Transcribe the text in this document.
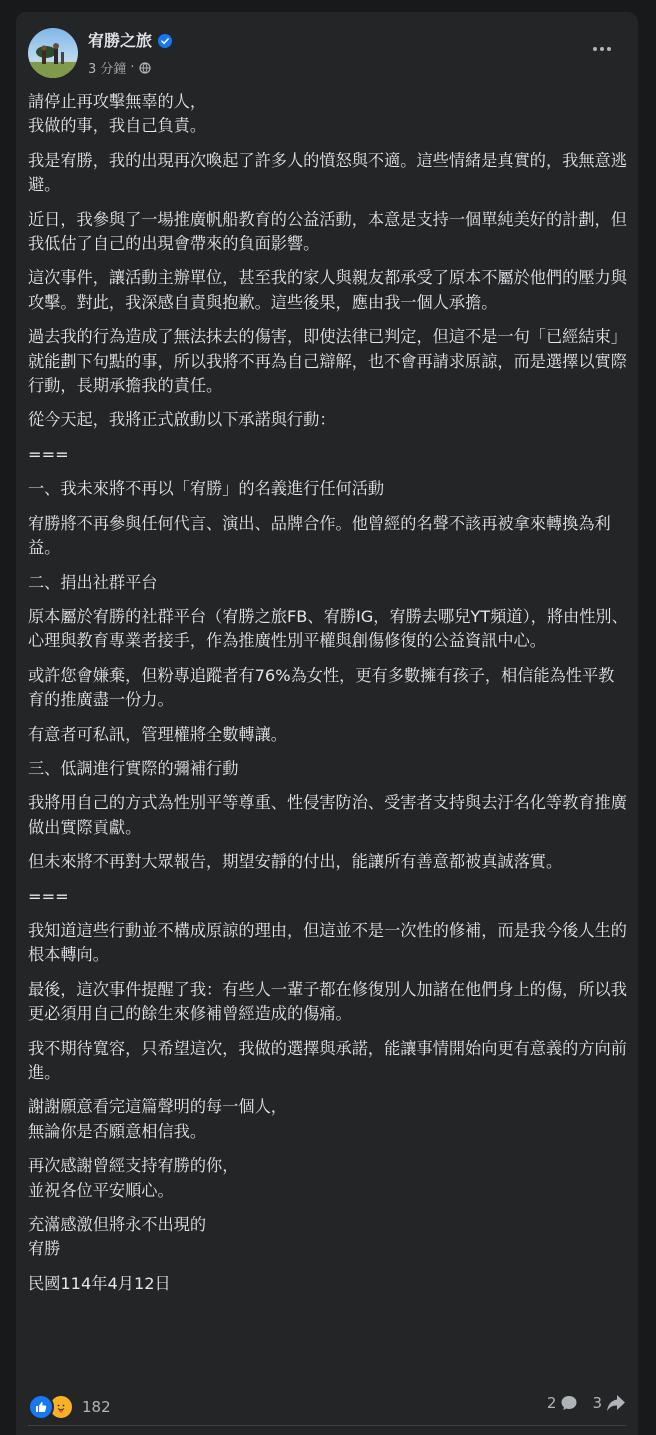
宥勝之旅
3 分鐘 ·

請停止再攻擊無辜的人，
我做的事，我自己負責。

我是宥勝，我的出現再次喚起了許多人的憤怒與不適。這些情緒是真實的，我無意逃避。

近日，我參與了一場推廣帆船教育的公益活動，本意是支持一個單純美好的計劃，但我低估了自己的出現會帶來的負面影響。

這次事件，讓活動主辦單位，甚至我的家人與親友都承受了原本不屬於他們的壓力與攻擊。對此，我深感自責與抱歉。這些後果，應由我一個人承擔。

過去我的行為造成了無法抹去的傷害，即使法律已判定，但這不是一句「已經結束」就能劃下句點的事，所以我將不再為自己辯解，也不會再請求原諒，而是選擇以實際行動，長期承擔我的責任。

從今天起，我將正式啟動以下承諾與行動：

===

一、我未來將不再以「宥勝」的名義進行任何活動

宥勝將不再參與任何代言、演出、品牌合作。他曾經的名聲不該再被拿來轉換為利益。

二、捐出社群平台

原本屬於宥勝的社群平台（宥勝之旅FB、宥勝IG，宥勝去哪兒YT頻道），將由性別、心理與教育專業者接手，作為推廣性別平權與創傷修復的公益資訊中心。

或許您會嫌棄，但粉專追蹤者有76%為女性，更有多數擁有孩子，相信能為性平教育的推廣盡一份力。

有意者可私訊，管理權將全數轉讓。

三、低調進行實際的彌補行動

我將用自己的方式為性別平等尊重、性侵害防治、受害者支持與去汙名化等教育推廣做出實際貢獻。

但未來將不再對大眾報告，期望安靜的付出，能讓所有善意都被真誠落實。

===

我知道這些行動並不構成原諒的理由，但這並不是一次性的修補，而是我今後人生的根本轉向。

最後，這次事件提醒了我：有些人一輩子都在修復別人加諸在他們身上的傷，所以我更必須用自己的餘生來修補曾經造成的傷痛。

我不期待寬容，只希望這次，我做的選擇與承諾，能讓事情開始向更有意義的方向前進。

謝謝願意看完這篇聲明的每一個人，
無論你是否願意相信我。

再次感謝曾經支持宥勝的你，
並祝各位平安順心。

充滿感激但將永不出現的
宥勝

民國114年4月12日

182	2 3
